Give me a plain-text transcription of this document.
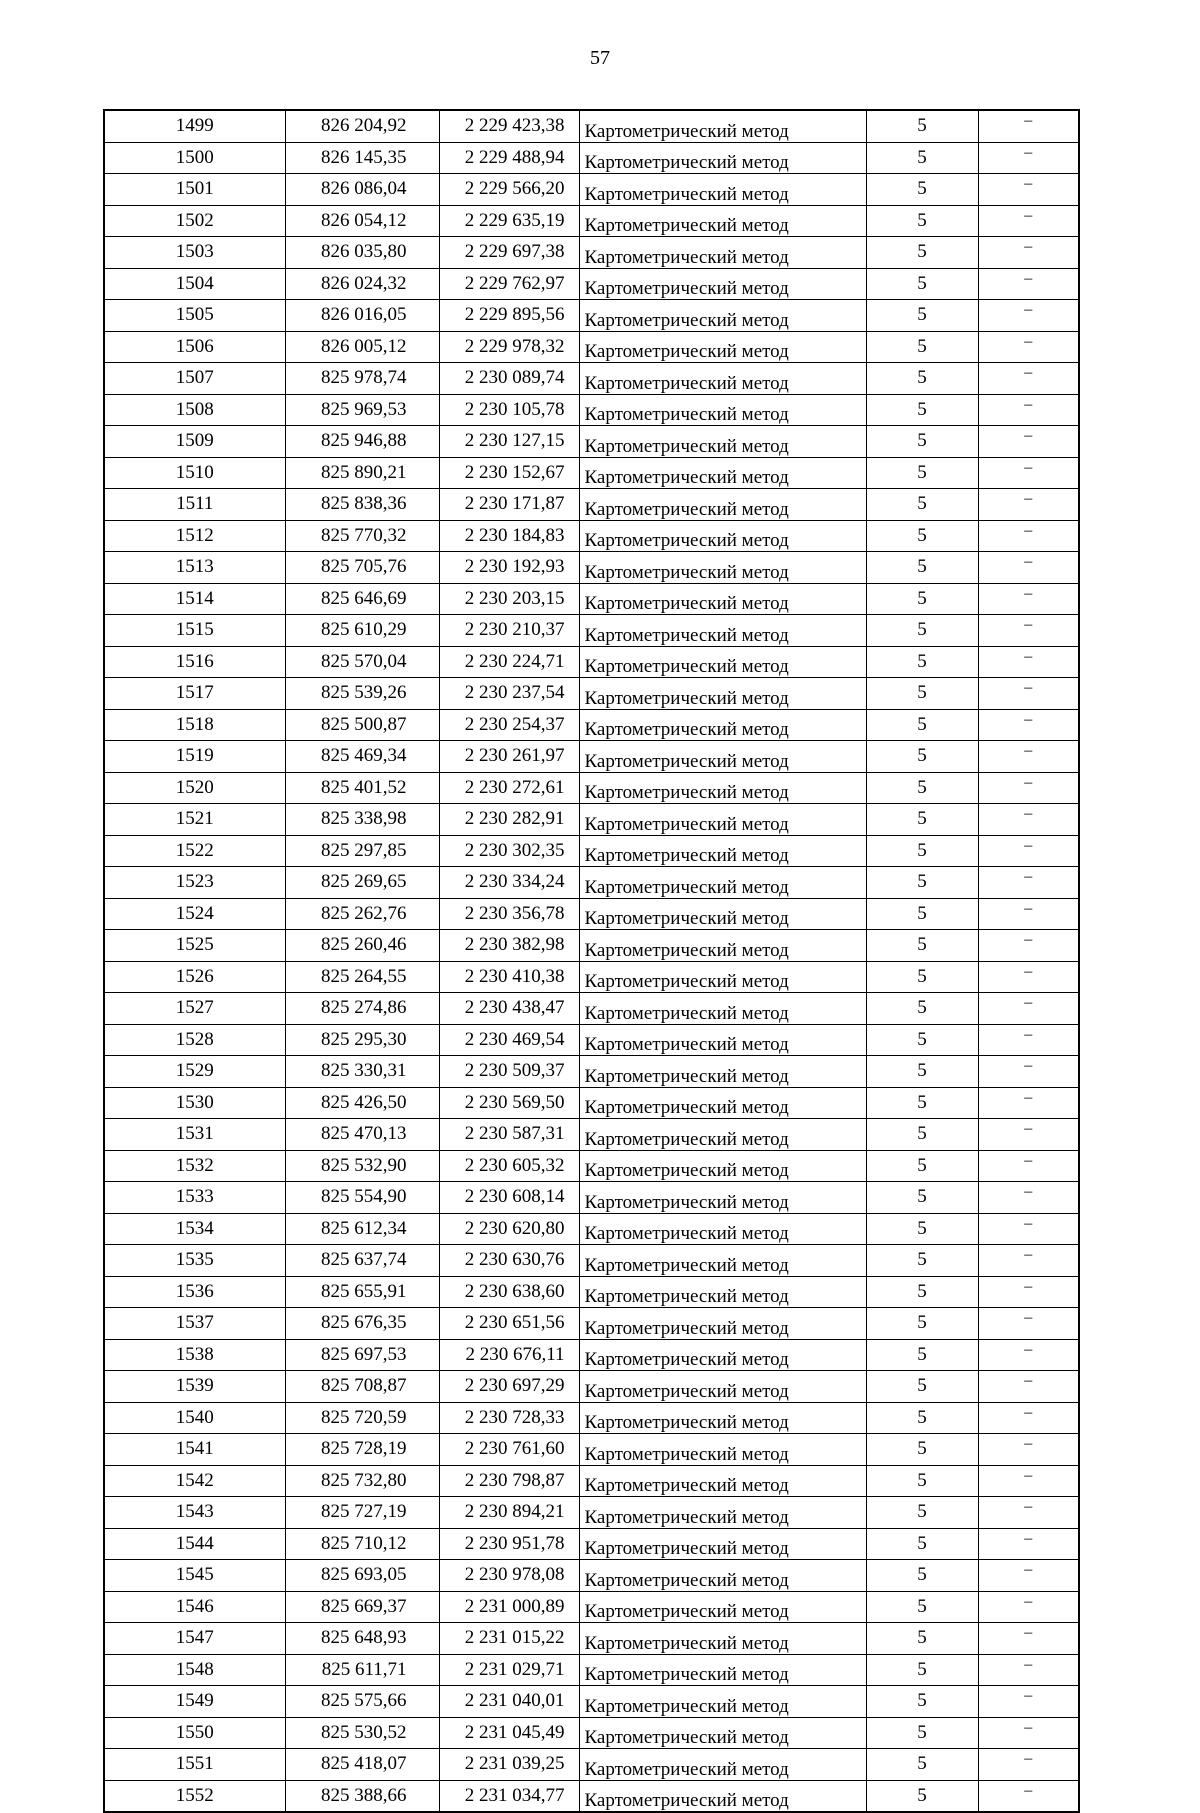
57
1499	826 204,92	2 229 423,38	Картометрический метод	5	–
1500	826 145,35	2 229 488,94	Картометрический метод	5	–
1501	826 086,04	2 229 566,20	Картометрический метод	5	–
1502	826 054,12	2 229 635,19	Картометрический метод	5	–
1503	826 035,80	2 229 697,38	Картометрический метод	5	–
1504	826 024,32	2 229 762,97	Картометрический метод	5	–
1505	826 016,05	2 229 895,56	Картометрический метод	5	–
1506	826 005,12	2 229 978,32	Картометрический метод	5	–
1507	825 978,74	2 230 089,74	Картометрический метод	5	–
1508	825 969,53	2 230 105,78	Картометрический метод	5	–
1509	825 946,88	2 230 127,15	Картометрический метод	5	–
1510	825 890,21	2 230 152,67	Картометрический метод	5	–
1511	825 838,36	2 230 171,87	Картометрический метод	5	–
1512	825 770,32	2 230 184,83	Картометрический метод	5	–
1513	825 705,76	2 230 192,93	Картометрический метод	5	–
1514	825 646,69	2 230 203,15	Картометрический метод	5	–
1515	825 610,29	2 230 210,37	Картометрический метод	5	–
1516	825 570,04	2 230 224,71	Картометрический метод	5	–
1517	825 539,26	2 230 237,54	Картометрический метод	5	–
1518	825 500,87	2 230 254,37	Картометрический метод	5	–
1519	825 469,34	2 230 261,97	Картометрический метод	5	–
1520	825 401,52	2 230 272,61	Картометрический метод	5	–
1521	825 338,98	2 230 282,91	Картометрический метод	5	–
1522	825 297,85	2 230 302,35	Картометрический метод	5	–
1523	825 269,65	2 230 334,24	Картометрический метод	5	–
1524	825 262,76	2 230 356,78	Картометрический метод	5	–
1525	825 260,46	2 230 382,98	Картометрический метод	5	–
1526	825 264,55	2 230 410,38	Картометрический метод	5	–
1527	825 274,86	2 230 438,47	Картометрический метод	5	–
1528	825 295,30	2 230 469,54	Картометрический метод	5	–
1529	825 330,31	2 230 509,37	Картометрический метод	5	–
1530	825 426,50	2 230 569,50	Картометрический метод	5	–
1531	825 470,13	2 230 587,31	Картометрический метод	5	–
1532	825 532,90	2 230 605,32	Картометрический метод	5	–
1533	825 554,90	2 230 608,14	Картометрический метод	5	–
1534	825 612,34	2 230 620,80	Картометрический метод	5	–
1535	825 637,74	2 230 630,76	Картометрический метод	5	–
1536	825 655,91	2 230 638,60	Картометрический метод	5	–
1537	825 676,35	2 230 651,56	Картометрический метод	5	–
1538	825 697,53	2 230 676,11	Картометрический метод	5	–
1539	825 708,87	2 230 697,29	Картометрический метод	5	–
1540	825 720,59	2 230 728,33	Картометрический метод	5	–
1541	825 728,19	2 230 761,60	Картометрический метод	5	–
1542	825 732,80	2 230 798,87	Картометрический метод	5	–
1543	825 727,19	2 230 894,21	Картометрический метод	5	–
1544	825 710,12	2 230 951,78	Картометрический метод	5	–
1545	825 693,05	2 230 978,08	Картометрический метод	5	–
1546	825 669,37	2 231 000,89	Картометрический метод	5	–
1547	825 648,93	2 231 015,22	Картометрический метод	5	–
1548	825 611,71	2 231 029,71	Картометрический метод	5	–
1549	825 575,66	2 231 040,01	Картометрический метод	5	–
1550	825 530,52	2 231 045,49	Картометрический метод	5	–
1551	825 418,07	2 231 039,25	Картометрический метод	5	–
1552	825 388,66	2 231 034,77	Картометрический метод	5	–
